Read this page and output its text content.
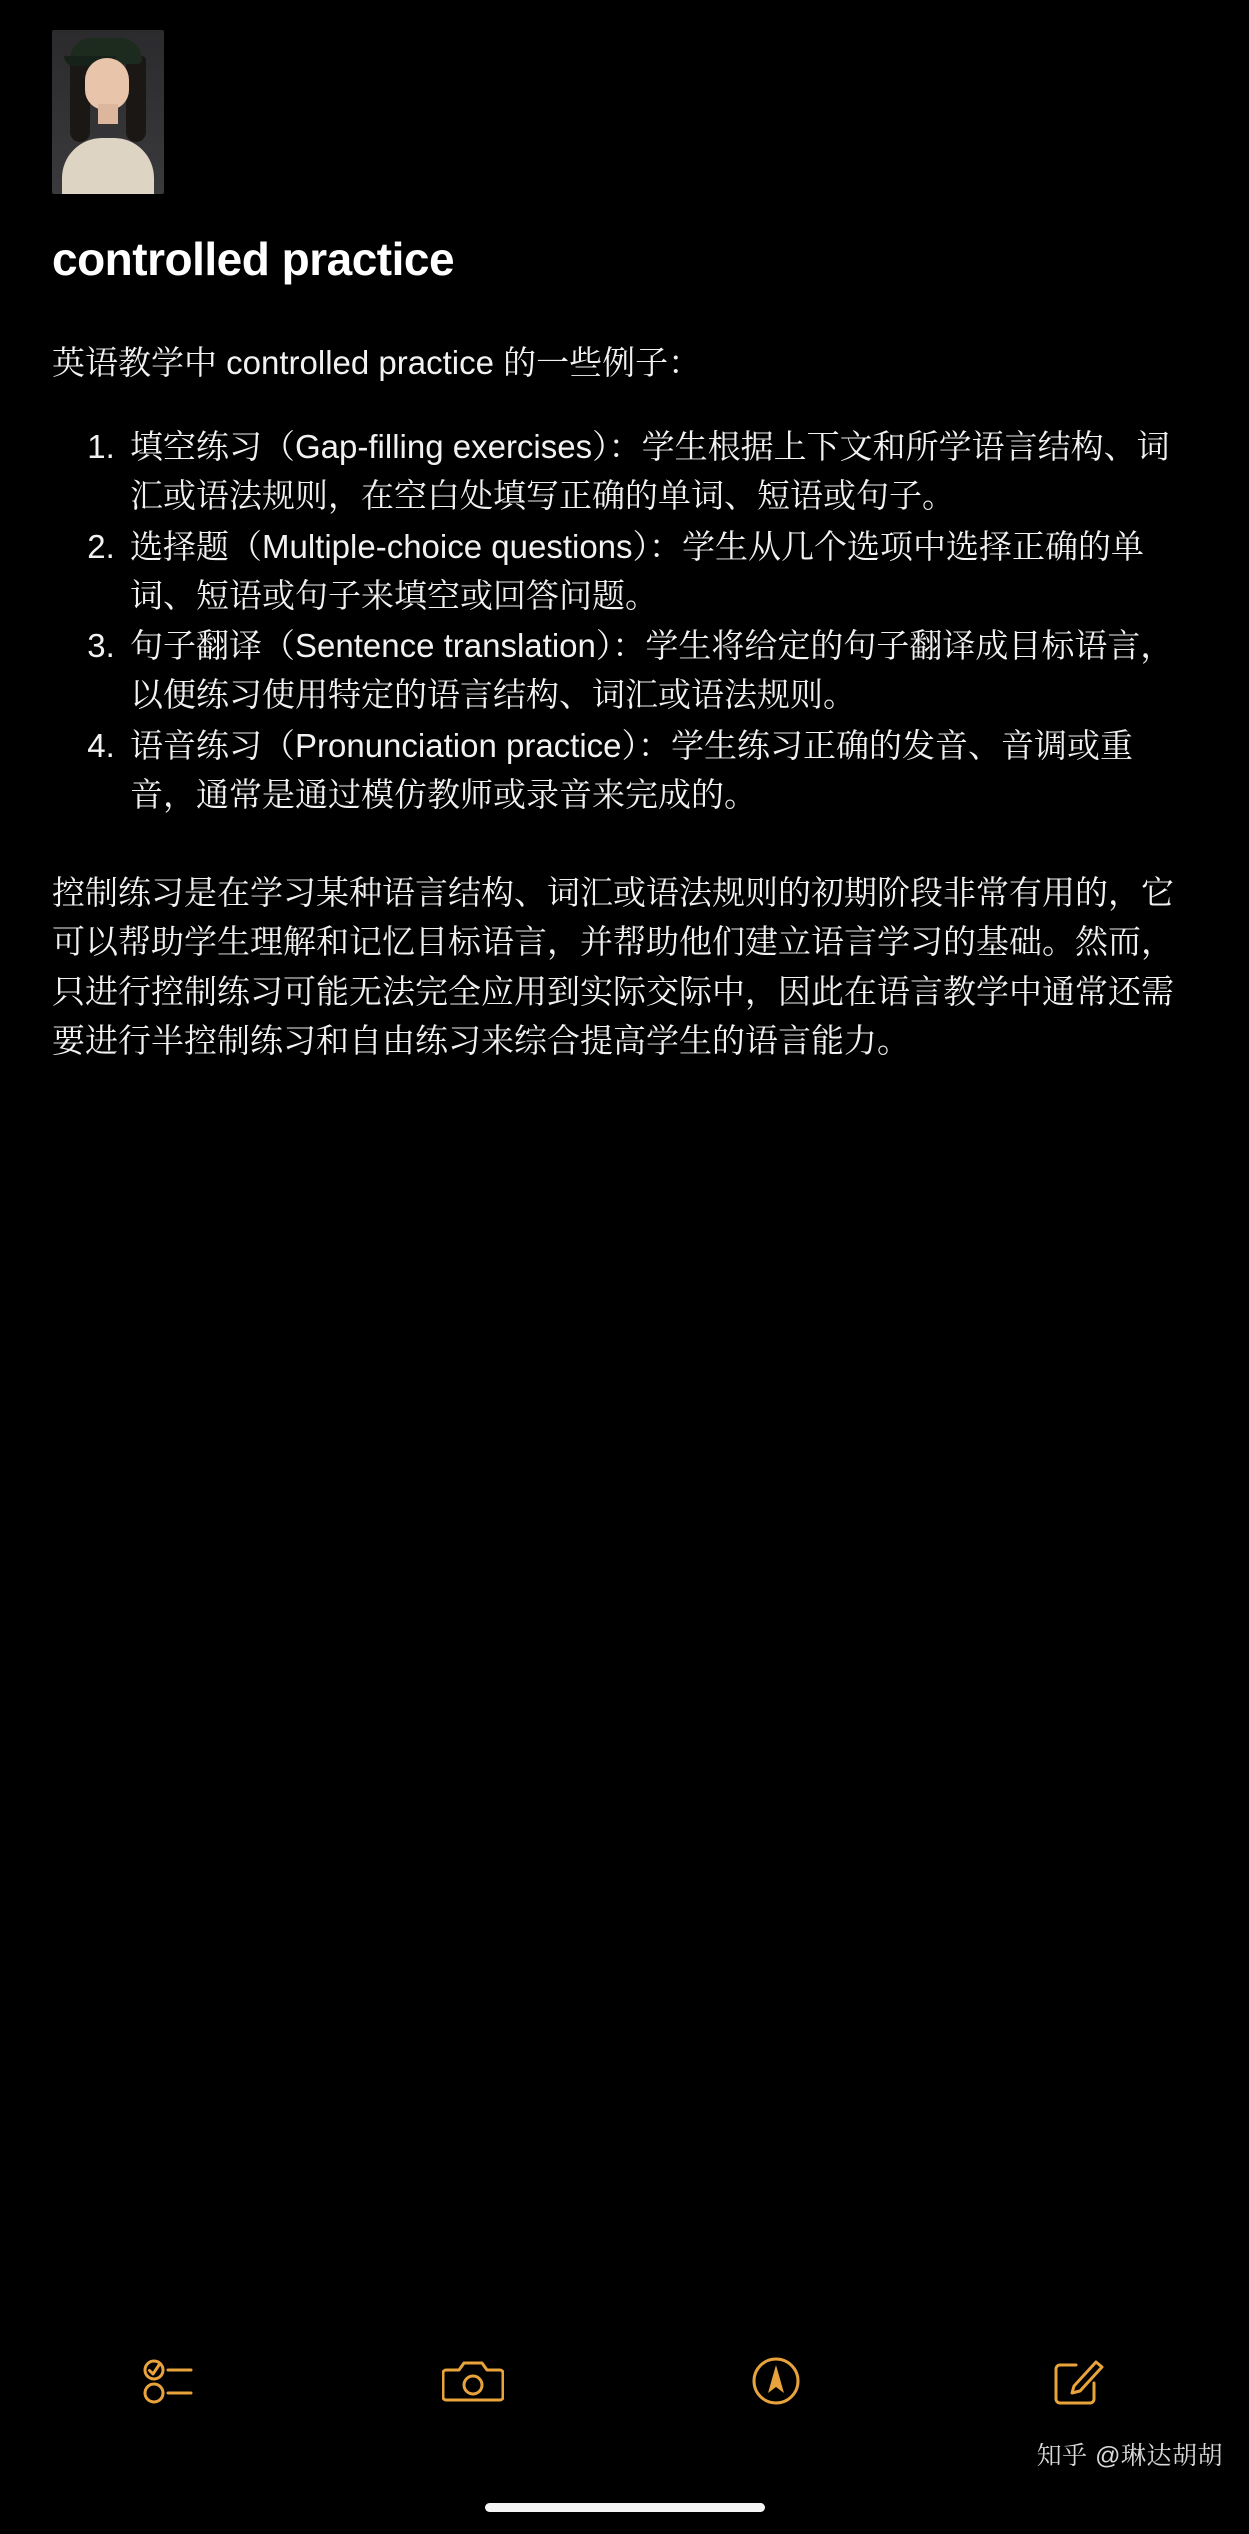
controlled practice

英语教学中 controlled practice 的一些例子：

1. 填空练习（Gap-filling exercises）：学生根据上下文和所学语言结构、词汇或语法规则，在空白处填写正确的单词、短语或句子。
2. 选择题（Multiple-choice questions）：学生从几个选项中选择正确的单词、短语或句子来填空或回答问题。
3. 句子翻译（Sentence translation）：学生将给定的句子翻译成目标语言，以便练习使用特定的语言结构、词汇或语法规则。
4. 语音练习（Pronunciation practice）：学生练习正确的发音、音调或重音，通常是通过模仿教师或录音来完成的。

控制练习是在学习某种语言结构、词汇或语法规则的初期阶段非常有用的，它可以帮助学生理解和记忆目标语言，并帮助他们建立语言学习的基础。然而，只进行控制练习可能无法完全应用到实际交际中，因此在语言教学中通常还需要进行半控制练习和自由练习来综合提高学生的语言能力。

知乎 @琳达胡胡
